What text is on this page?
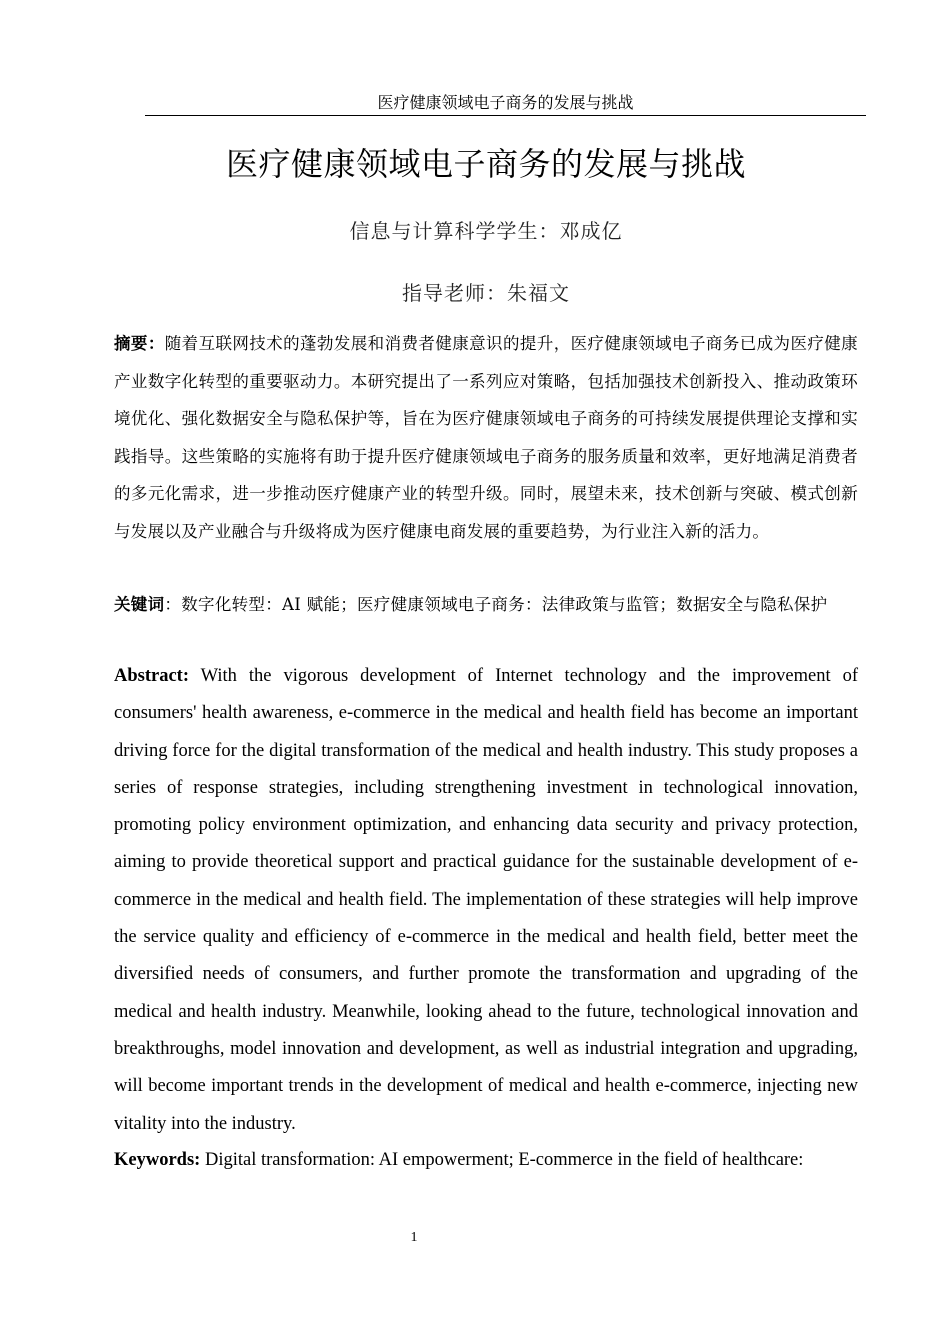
医疗健康领域电子商务的发展与挑战
医疗健康领域电子商务的发展与挑战
信息与计算科学学生：邓成亿
指导老师：朱福文

摘要：随着互联网技术的蓬勃发展和消费者健康意识的提升，医疗健康领域电子商务已成为医疗健康产业数字化转型的重要驱动力。本研究提出了一系列应对策略，包括加强技术创新投入、推动政策环境优化、强化数据安全与隐私保护等，旨在为医疗健康领域电子商务的可持续发展提供理论支撑和实践指导。这些策略的实施将有助于提升医疗健康领域电子商务的服务质量和效率，更好地满足消费者的多元化需求，进一步推动医疗健康产业的转型升级。同时，展望未来，技术创新与突破、模式创新与发展以及产业融合与升级将成为医疗健康电商发展的重要趋势，为行业注入新的活力。

关键词：数字化转型：AI 赋能；医疗健康领域电子商务：法律政策与监管；数据安全与隐私保护

Abstract: With the vigorous development of Internet technology and the improvement of consumers' health awareness, e-commerce in the medical and health field has become an important driving force for the digital transformation of the medical and health industry. This study proposes a series of response strategies, including strengthening investment in technological innovation, promoting policy environment optimization, and enhancing data security and privacy protection, aiming to provide theoretical support and practical guidance for the sustainable development of e-commerce in the medical and health field. The implementation of these strategies will help improve the service quality and efficiency of e-commerce in the medical and health field, better meet the diversified needs of consumers, and further promote the transformation and upgrading of the medical and health industry. Meanwhile, looking ahead to the future, technological innovation and breakthroughs, model innovation and development, as well as industrial integration and upgrading, will become important trends in the development of medical and health e-commerce, injecting new vitality into the industry.

Keywords: Digital transformation: AI empowerment; E-commerce in the field of healthcare:

1
